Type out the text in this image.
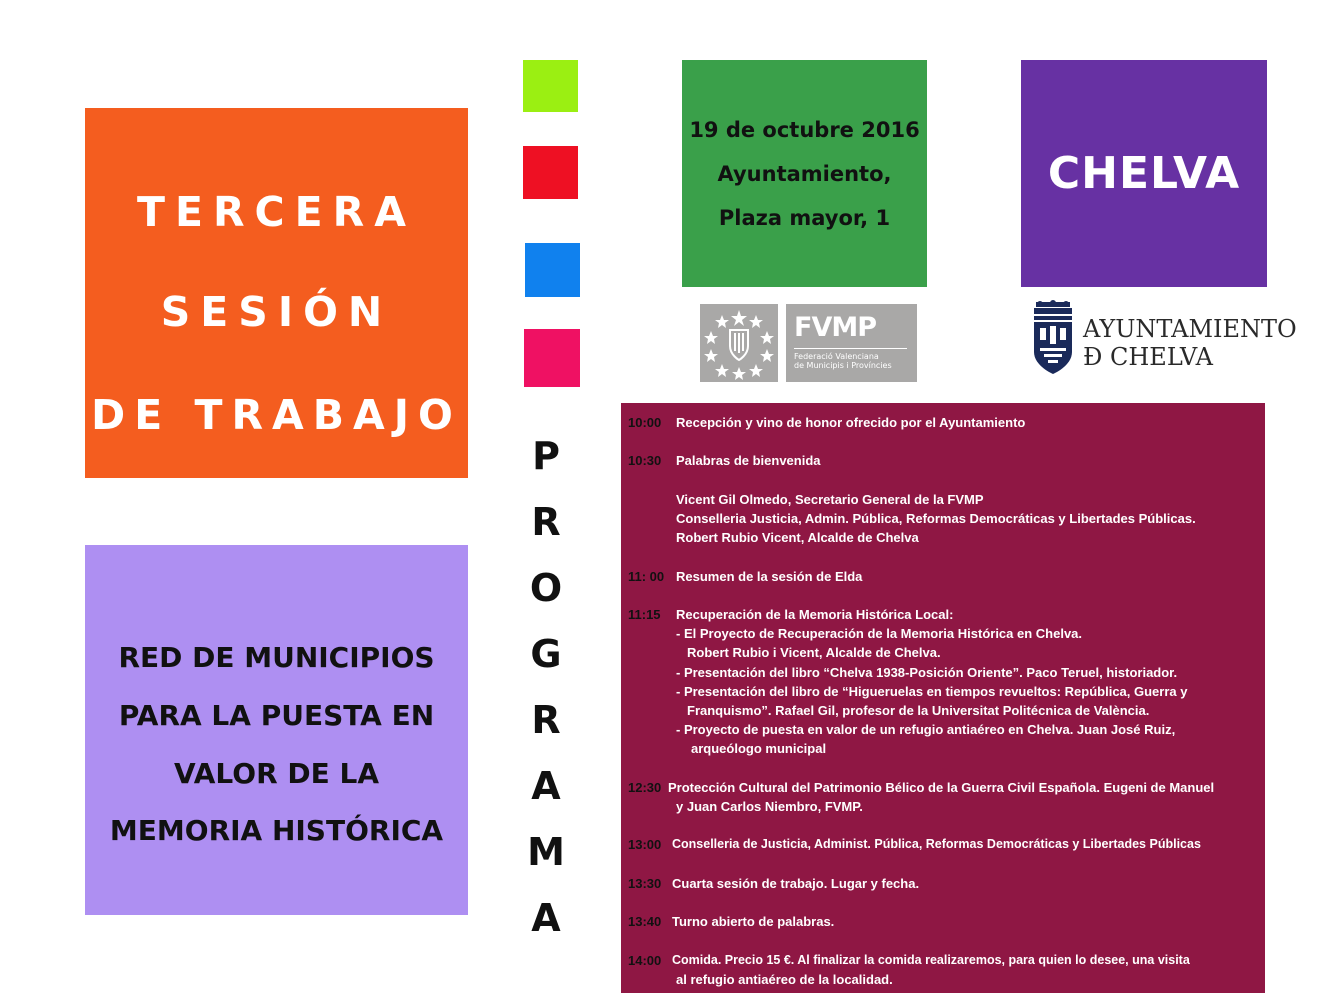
TERCERA
SESIÓN
DE TRABAJO
RED DE MUNICIPIOS
PARA LA PUESTA EN
VALOR DE LA
MEMORIA HISTÓRICA
P
R
O
G
R
A
M
A
19 de octubre 2016
Ayuntamiento,
Plaza mayor, 1
CHELVA
FVMP
Federació Valenciana
de Municipis i Províncies
AYUNTAMIENTO
Ð CHELVA
10:00 Recepción y vino de honor ofrecido por el Ayuntamiento
10:30 Palabras de bienvenida
Vicent Gil Olmedo, Secretario General de la FVMP
Conselleria Justicia, Admin. Pública, Reformas Democráticas y Libertades Públicas.
Robert Rubio Vicent, Alcalde de Chelva
11: 00 Resumen de la sesión de Elda
11:15 Recuperación de la Memoria Histórica Local:
- El Proyecto de Recuperación de la Memoria Histórica en Chelva.
Robert Rubio i Vicent, Alcalde de Chelva.
- Presentación del libro “Chelva 1938-Posición Oriente”. Paco Teruel, historiador.
- Presentación del libro de “Higueruelas en tiempos revueltos: República, Guerra y
Franquismo”. Rafael Gil, profesor de la Universitat Politécnica de València.
- Proyecto de puesta en valor de un refugio antiaéreo en Chelva. Juan José Ruiz,
arqueólogo municipal
12:30 Protección Cultural del Patrimonio Bélico de la Guerra Civil Española. Eugeni de Manuel
y Juan Carlos Niembro, FVMP.
13:00 Conselleria de Justicia, Administ. Pública, Reformas Democráticas y Libertades Públicas
13:30 Cuarta sesión de trabajo. Lugar y fecha.
13:40 Turno abierto de palabras.
14:00 Comida. Precio 15 €. Al finalizar la comida realizaremos, para quien lo desee, una visita
al refugio antiaéreo de la localidad.
